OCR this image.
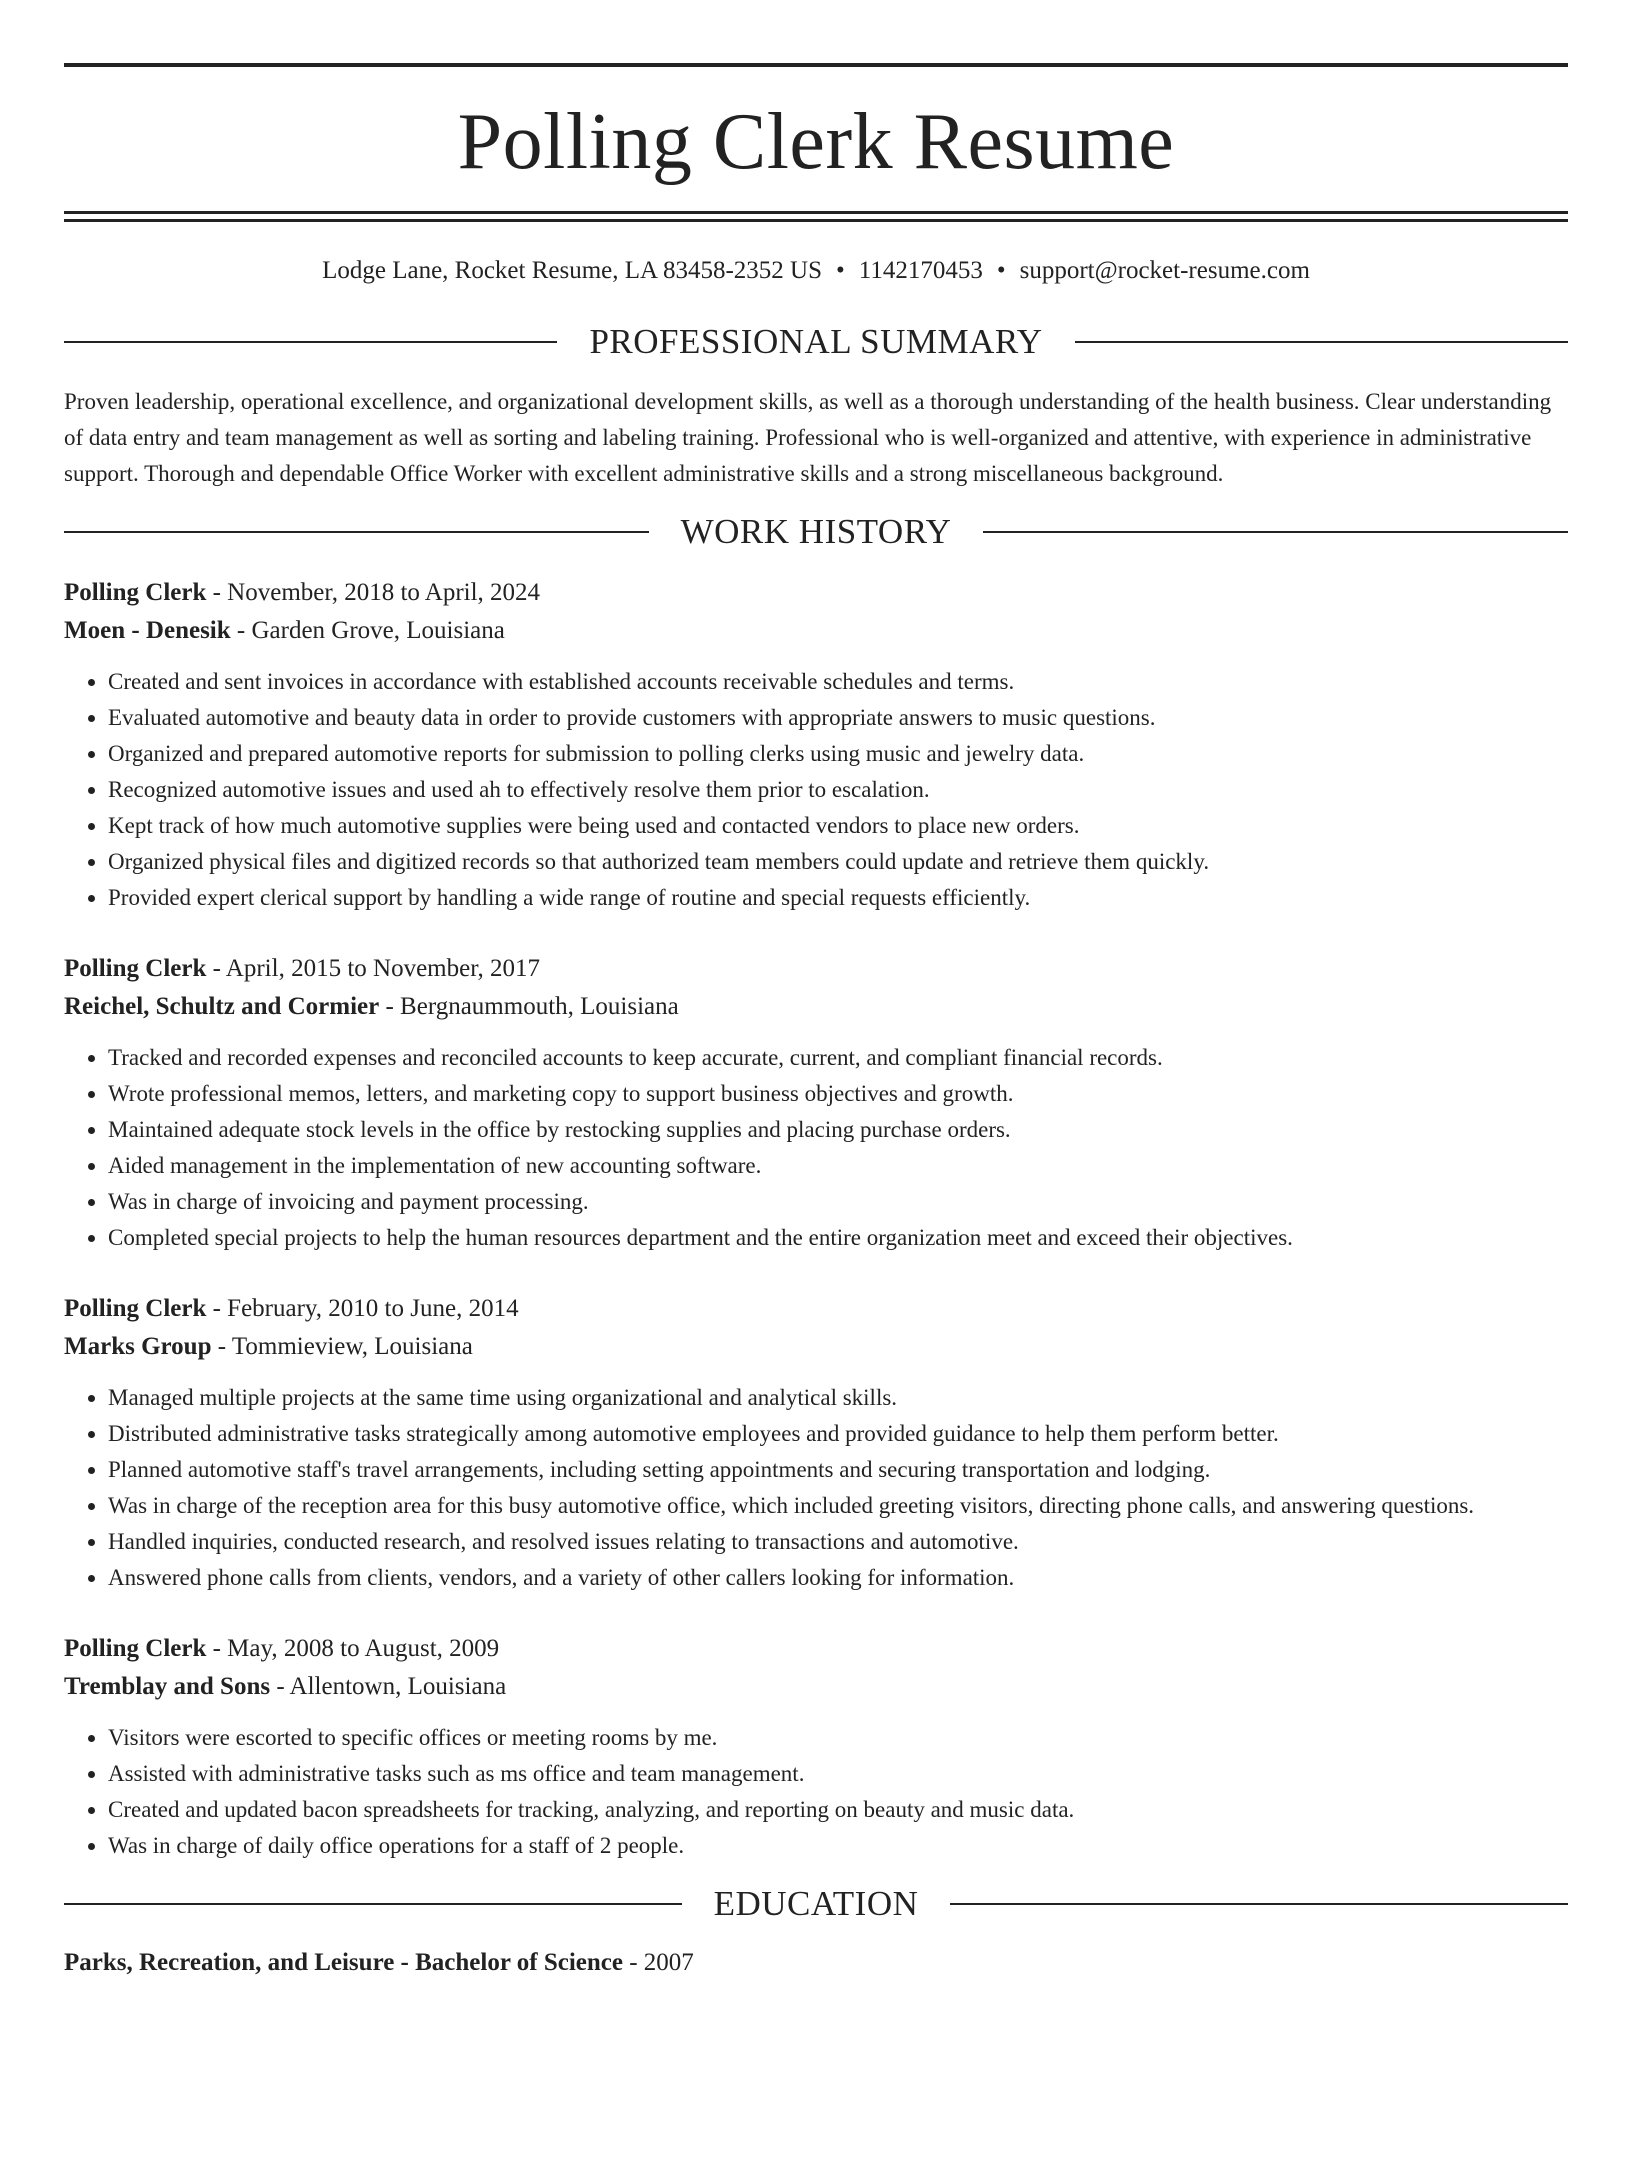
Polling Clerk Resume
Lodge Lane, Rocket Resume, LA 83458-2352 US • 1142170453 • support@rocket-resume.com
PROFESSIONAL SUMMARY
Proven leadership, operational excellence, and organizational development skills, as well as a thorough understanding of the health business. Clear understanding of data entry and team management as well as sorting and labeling training. Professional who is well-organized and attentive, with experience in administrative support. Thorough and dependable Office Worker with excellent administrative skills and a strong miscellaneous background.
WORK HISTORY
Polling Clerk - November, 2018 to April, 2024
Moen - Denesik - Garden Grove, Louisiana
• Created and sent invoices in accordance with established accounts receivable schedules and terms.
• Evaluated automotive and beauty data in order to provide customers with appropriate answers to music questions.
• Organized and prepared automotive reports for submission to polling clerks using music and jewelry data.
• Recognized automotive issues and used ah to effectively resolve them prior to escalation.
• Kept track of how much automotive supplies were being used and contacted vendors to place new orders.
• Organized physical files and digitized records so that authorized team members could update and retrieve them quickly.
• Provided expert clerical support by handling a wide range of routine and special requests efficiently.
Polling Clerk - April, 2015 to November, 2017
Reichel, Schultz and Cormier - Bergnaummouth, Louisiana
• Tracked and recorded expenses and reconciled accounts to keep accurate, current, and compliant financial records.
• Wrote professional memos, letters, and marketing copy to support business objectives and growth.
• Maintained adequate stock levels in the office by restocking supplies and placing purchase orders.
• Aided management in the implementation of new accounting software.
• Was in charge of invoicing and payment processing.
• Completed special projects to help the human resources department and the entire organization meet and exceed their objectives.
Polling Clerk - February, 2010 to June, 2014
Marks Group - Tommieview, Louisiana
• Managed multiple projects at the same time using organizational and analytical skills.
• Distributed administrative tasks strategically among automotive employees and provided guidance to help them perform better.
• Planned automotive staff's travel arrangements, including setting appointments and securing transportation and lodging.
• Was in charge of the reception area for this busy automotive office, which included greeting visitors, directing phone calls, and answering questions.
• Handled inquiries, conducted research, and resolved issues relating to transactions and automotive.
• Answered phone calls from clients, vendors, and a variety of other callers looking for information.
Polling Clerk - May, 2008 to August, 2009
Tremblay and Sons - Allentown, Louisiana
• Visitors were escorted to specific offices or meeting rooms by me.
• Assisted with administrative tasks such as ms office and team management.
• Created and updated bacon spreadsheets for tracking, analyzing, and reporting on beauty and music data.
• Was in charge of daily office operations for a staff of 2 people.
EDUCATION
Parks, Recreation, and Leisure - Bachelor of Science - 2007
